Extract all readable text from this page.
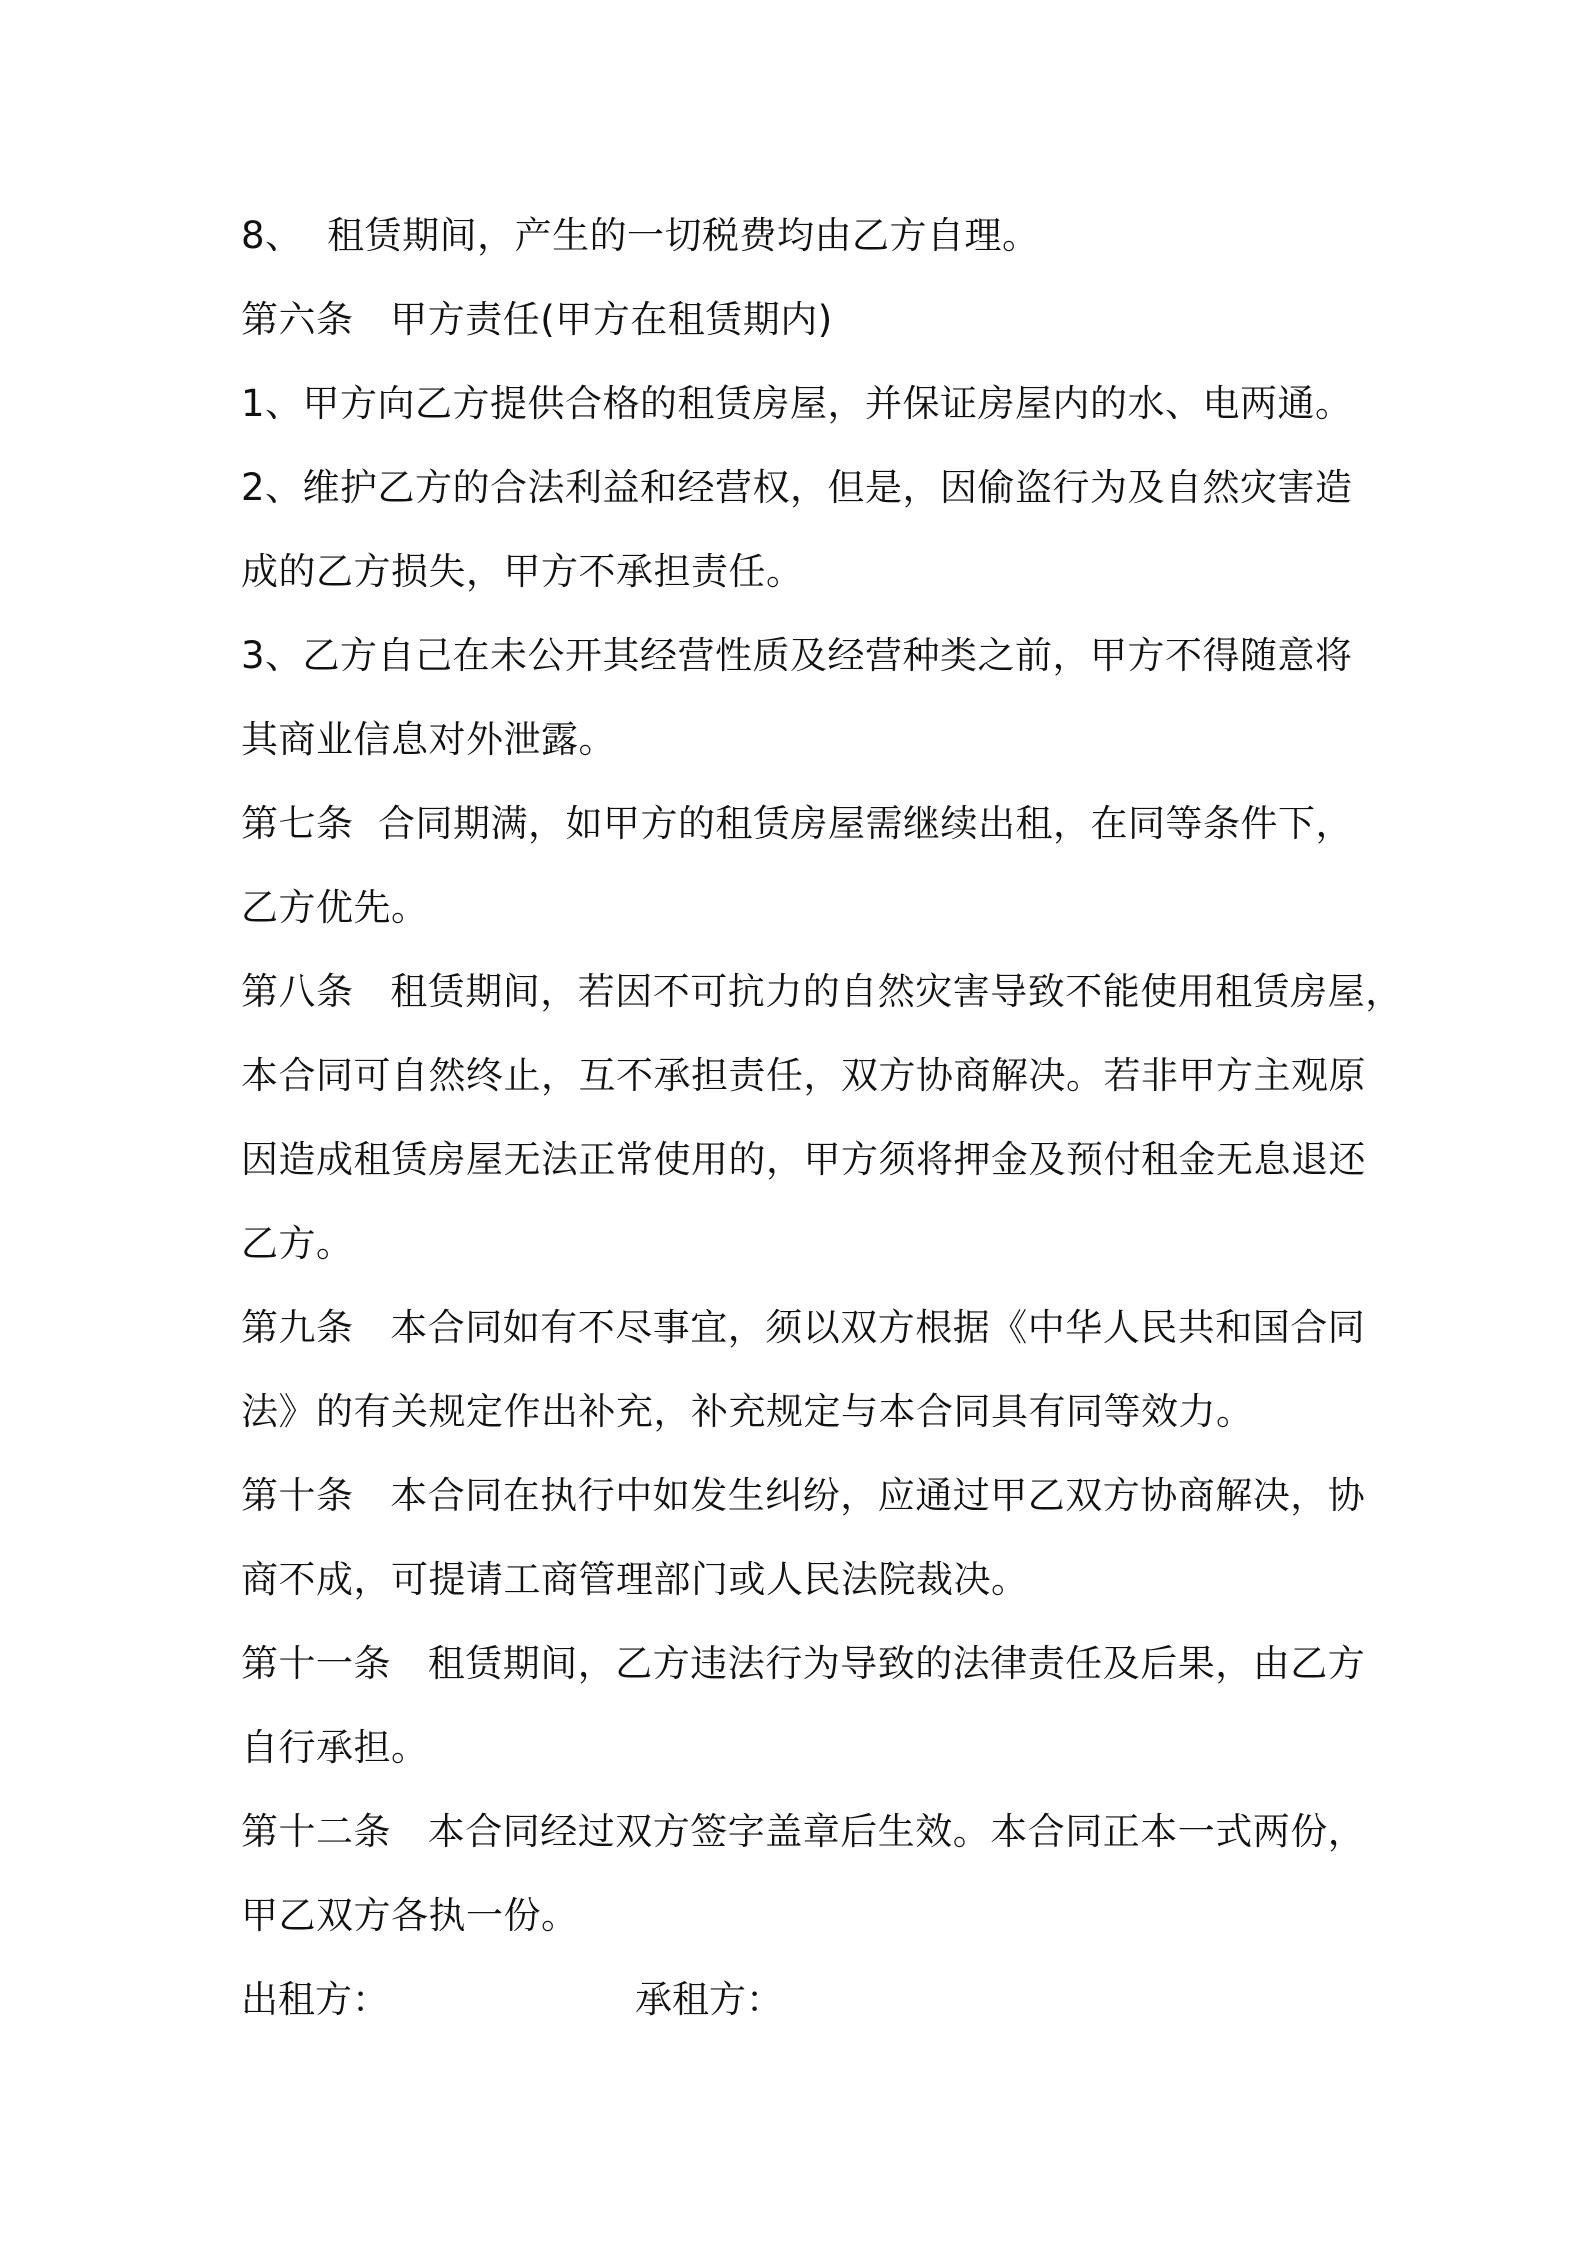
8、  租赁期间，产生的一切税费均由乙方自理。
第六条   甲方责任(甲方在租赁期内)
1、甲方向乙方提供合格的租赁房屋，并保证房屋内的水、电两通。
2、维护乙方的合法利益和经营权，但是，因偷盗行为及自然灾害造
成的乙方损失，甲方不承担责任。
3、乙方自己在未公开其经营性质及经营种类之前，甲方不得随意将
其商业信息对外泄露。
第七条  合同期满，如甲方的租赁房屋需继续出租，在同等条件下，
乙方优先。
第八条   租赁期间，若因不可抗力的自然灾害导致不能使用租赁房屋，
本合同可自然终止，互不承担责任，双方协商解决。若非甲方主观原
因造成租赁房屋无法正常使用的，甲方须将押金及预付租金无息退还
乙方。
第九条   本合同如有不尽事宜，须以双方根据《中华人民共和国合同
法》的有关规定作出补充，补充规定与本合同具有同等效力。
第十条   本合同在执行中如发生纠纷，应通过甲乙双方协商解决，协
商不成，可提请工商管理部门或人民法院裁决。
第十一条   租赁期间，乙方违法行为导致的法律责任及后果，由乙方
自行承担。
第十二条   本合同经过双方签字盖章后生效。本合同正本一式两份，
甲乙双方各执一份。
出租方：	承租方：
